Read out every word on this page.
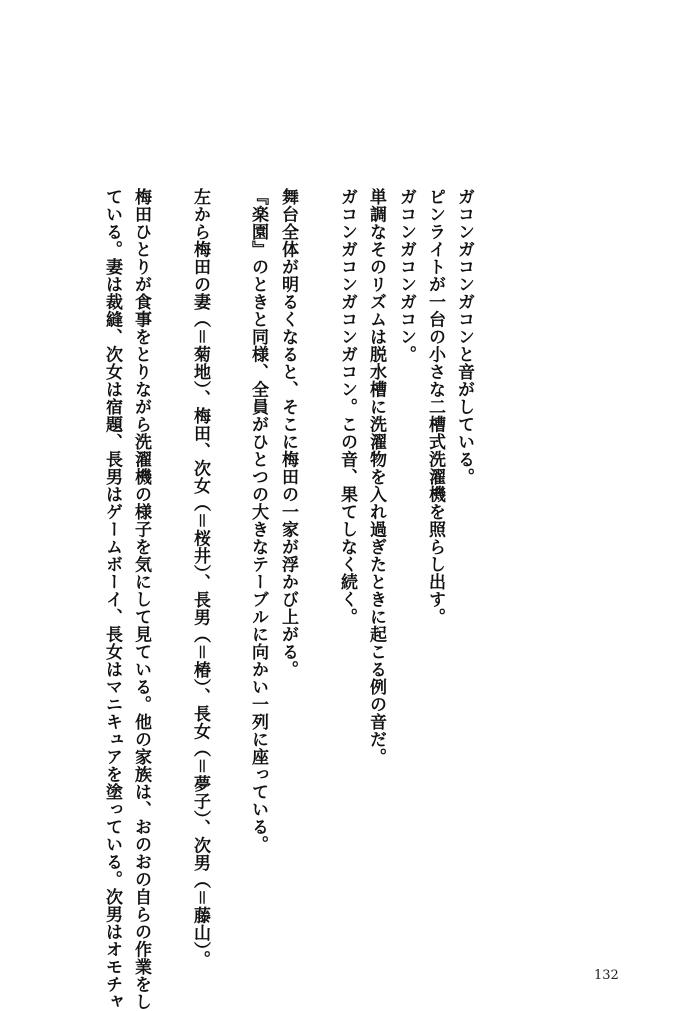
ガコンガコンガコンと音がしている。
ピンライトが一台の小さな二槽式洗濯機を照らし出す。
ガコンガコンガコン。
単調なそのリズムは脱水槽に洗濯物を入れ過ぎたときに起こる例の音だ。
ガコンガコンガコンガコン。この音、果てしなく続く。
舞台全体が明るくなると、そこに梅田の一家が浮かび上がる。
『楽園』のときと同様、全員がひとつの大きなテーブルに向かい一列に座っている。
左から梅田の妻（＝菊地）、梅田、次女（＝桜井）、長男（＝椿）、長女（＝夢子）、次男（＝藤山）。
梅田ひとりが食事をとりながら洗濯機の様子を気にして見ている。他の家族は、おのおの自らの作業をし
ている。妻は裁縫、次女は宿題、長男はゲームボーイ、長女はマニキュアを塗っている。次男はオモチャ	132
